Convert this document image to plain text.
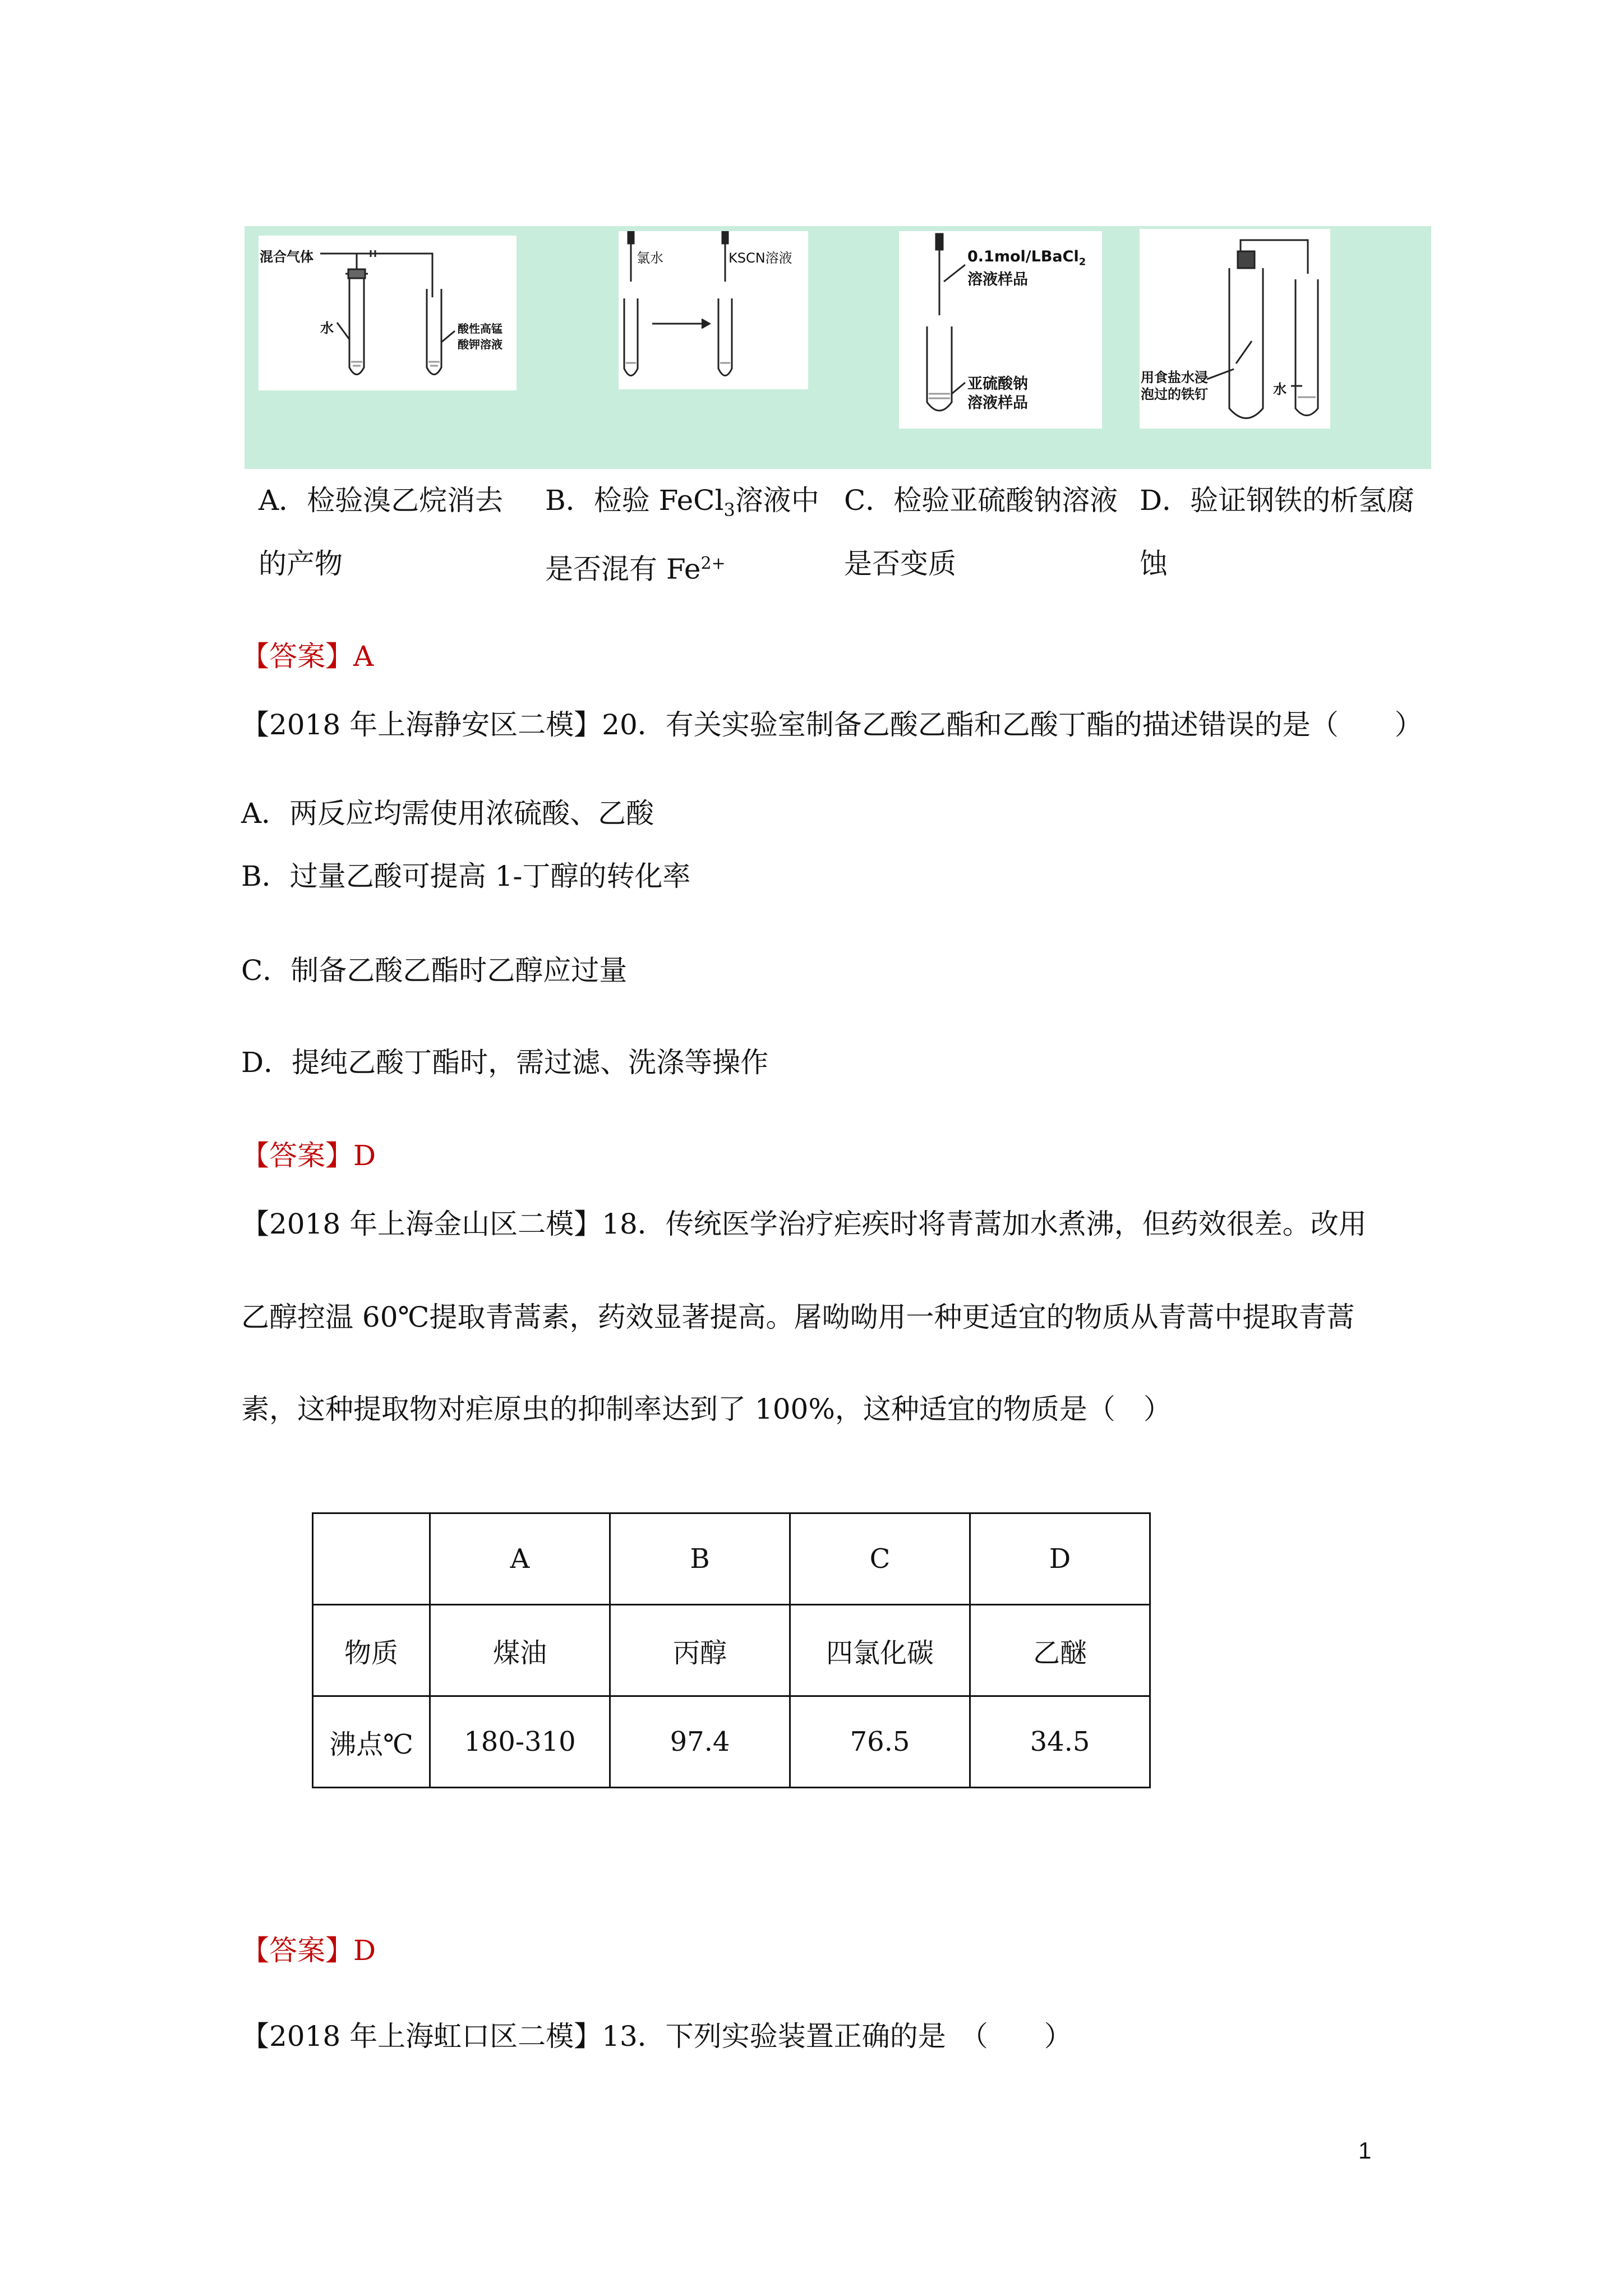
混合气体
水	酸性高锰
酸钾溶液
氯水	KSCN溶液	0.1mol/LBaCl$_2$
溶液样品
亚硫酸钠
溶液样品
用食盐水浸
泡过的铁钉	水
A．检验溴乙烷消去
的产物
B．检验 FeCl$_3$溶液中
是否混有 $Fe^{2+}$
C．检验亚硫酸钠溶液
是否变质
D．验证钢铁的析氢腐
蚀
【答案】A
【2018 年上海静安区二模】20．有关实验室制备乙酸乙酯和乙酸丁酯的描述错误的是（　　）
A．两反应均需使用浓硫酸、乙酸
B．过量乙酸可提高 1-丁醇的转化率
C．制备乙酸乙酯时乙醇应过量
D．提纯乙酸丁酯时，需过滤、洗涤等操作
【答案】D
【2018 年上海金山区二模】18．传统医学治疗疟疾时将青蒿加水煮沸，但药效很差。改用
乙醇控温 60℃提取青蒿素，药效显著提高。屠呦呦用一种更适宜的物质从青蒿中提取青蒿
素，这种提取物对疟原虫的抑制率达到了 100%，这种适宜的物质是（　）
	A	B	C	D
物质	煤油	丙醇	四氯化碳	乙醚
沸点℃	180-310	97.4	76.5	34.5
【答案】D
【2018 年上海虹口区二模】13．下列实验装置正确的是　（　　）
1
